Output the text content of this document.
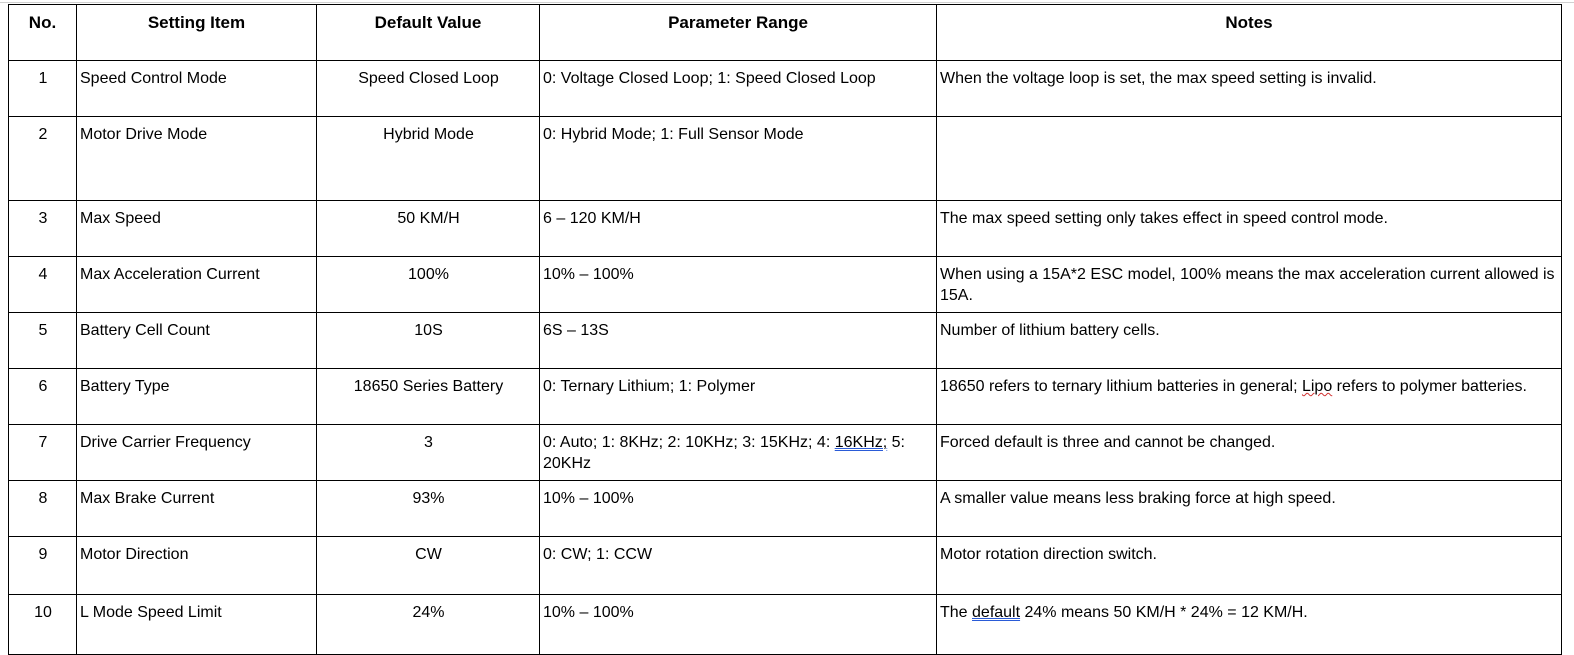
No.	Setting Item	Default Value	Parameter Range	Notes
1	Speed Control Mode	Speed Closed Loop	0: Voltage Closed Loop; 1: Speed Closed Loop	When the voltage loop is set, the max speed setting is invalid.
2	Motor Drive Mode	Hybrid Mode	0: Hybrid Mode; 1: Full Sensor Mode	
3	Max Speed	50 KM/H	6 – 120 KM/H	The max speed setting only takes effect in speed control mode.
4	Max Acceleration Current	100%	10% – 100%	When using a 15A*2 ESC model, 100% means the max acceleration current allowed is 15A.
5	Battery Cell Count	10S	6S – 13S	Number of lithium battery cells.
6	Battery Type	18650 Series Battery	0: Ternary Lithium; 1: Polymer	18650 refers to ternary lithium batteries in general; Lipo refers to polymer batteries.
7	Drive Carrier Frequency	3	0: Auto; 1: 8KHz; 2: 10KHz; 3: 15KHz; 4: 16KHz; 5: 20KHz	Forced default is three and cannot be changed.
8	Max Brake Current	93%	10% – 100%	A smaller value means less braking force at high speed.
9	Motor Direction	CW	0: CW; 1: CCW	Motor rotation direction switch.
10	L Mode Speed Limit	24%	10% – 100%	The default 24% means 50 KM/H * 24% = 12 KM/H.
